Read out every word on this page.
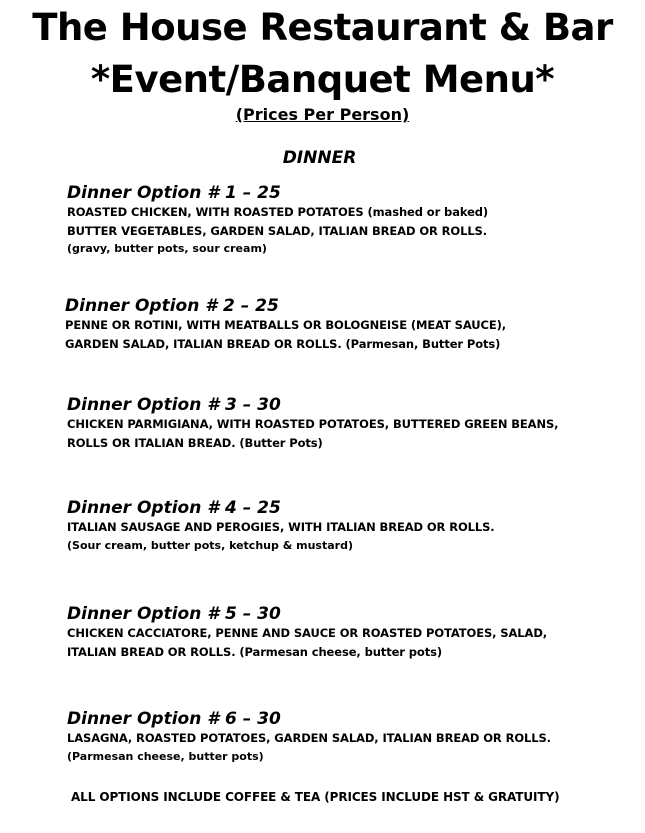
The House Restaurant & Bar
*Event/Banquet Menu*
(Prices Per Person)
DINNER
Dinner Option # 1 – 25
ROASTED CHICKEN, WITH ROASTED POTATOES (mashed or baked)
BUTTER VEGETABLES, GARDEN SALAD, ITALIAN BREAD OR ROLLS.
(gravy, butter pots, sour cream)
Dinner Option # 2 – 25
PENNE OR ROTINI, WITH MEATBALLS OR BOLOGNEISE (MEAT SAUCE),
GARDEN SALAD, ITALIAN BREAD OR ROLLS. (Parmesan, Butter Pots)
Dinner Option # 3 – 30
CHICKEN PARMIGIANA, WITH ROASTED POTATOES, BUTTERED GREEN BEANS,
ROLLS OR ITALIAN BREAD. (Butter Pots)
Dinner Option # 4 – 25
ITALIAN SAUSAGE AND PEROGIES, WITH ITALIAN BREAD OR ROLLS.
(Sour cream, butter pots, ketchup & mustard)
Dinner Option # 5 – 30
CHICKEN CACCIATORE, PENNE AND SAUCE OR ROASTED POTATOES, SALAD,
ITALIAN BREAD OR ROLLS. (Parmesan cheese, butter pots)
Dinner Option # 6 – 30
LASAGNA, ROASTED POTATOES, GARDEN SALAD, ITALIAN BREAD OR ROLLS.
(Parmesan cheese, butter pots)
ALL OPTIONS INCLUDE COFFEE & TEA (PRICES INCLUDE HST & GRATUITY)
